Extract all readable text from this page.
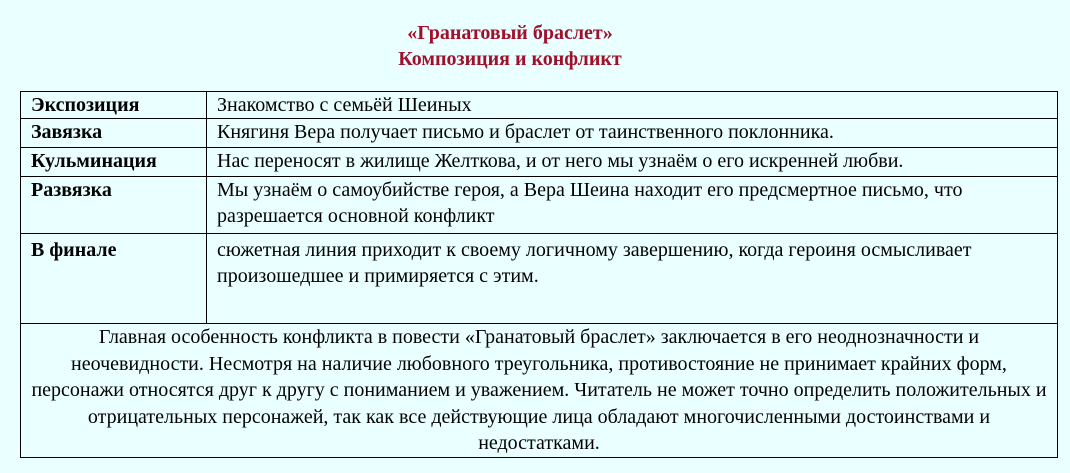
«Гранатовый браслет»
Композиция и конфликт
Экспозиция	Знакомство с семьёй Шеиных
Завязка	Княгиня Вера получает письмо и браслет от таинственного поклонника.
Кульминация	Нас переносят в жилище Желткова, и от него мы узнаём о его искренней любви.
Развязка	Мы узнаём о самоубийстве героя, а Вера Шеина находит его предсмертное письмо, что разрешается основной конфликт
В финале	сюжетная линия приходит к своему логичному завершению, когда героиня осмысливает произошедшее и примиряется с этим.
Главная особенность конфликта в повести «Гранатовый браслет» заключается в его неоднозначности и неочевидности. Несмотря на наличие любовного треугольника, противостояние не принимает крайних форм, персонажи относятся друг к другу с пониманием и уважением. Читатель не может точно определить положительных и отрицательных персонажей, так как все действующие лица обладают многочисленными достоинствами и недостатками.	
